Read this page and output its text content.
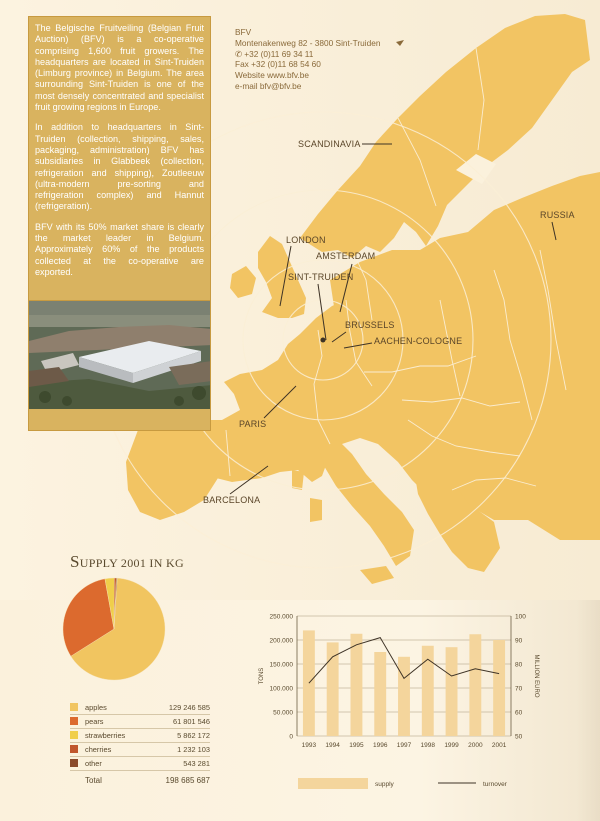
SCANDINAVIA
RUSSIA
LONDON
AMSTERDAM
SINT-TRUIDEN
BRUSSELS
AACHEN-COLOGNE
PARIS
BARCELONA

The Belgische Fruitveiling (Belgian Fruit Auction) (BFV) is a co-operative comprising 1,600 fruit growers. The headquarters are located in Sint-Truiden (Limburg province) in Belgium. The area surrounding Sint-Truiden is one of the most densely concentrated and specialist fruit growing regions in Europe.

In addition to headquarters in Sint-Truiden (collection, shipping, sales, packaging, administration) BFV has subsidiaries in Glabbeek (collection, refrigeration and shipping), Zoutleeuw (ultra-modern pre-sorting and refrigeration complex) and Hannut (refrigeration).

BFV with its 50% market share is clearly the market leader in Belgium. Approximately 60% of the products collected at the co-operative are exported.

BFV
Montenakenweg 82 - 3800 Sint-Truiden
✆ +32 (0)11 69 34 11
Fax +32 (0)11 68 54 60
Website www.bfv.be
e-mail bfv@bfv.be
SUPPLY 2001 IN KG
apples	129 246 585
pears	61 801 546
strawberries	5 862 172
cherries	1 232 103
other	543 281
Total	198 685 687
0
50.000
100.000
150.000
200.000
250.000
50
60
70
80
90
100
1993 1994 1995 1996 1997 1998 1999 2000 2001
TONS	MILLION EURO
supply	turnover
